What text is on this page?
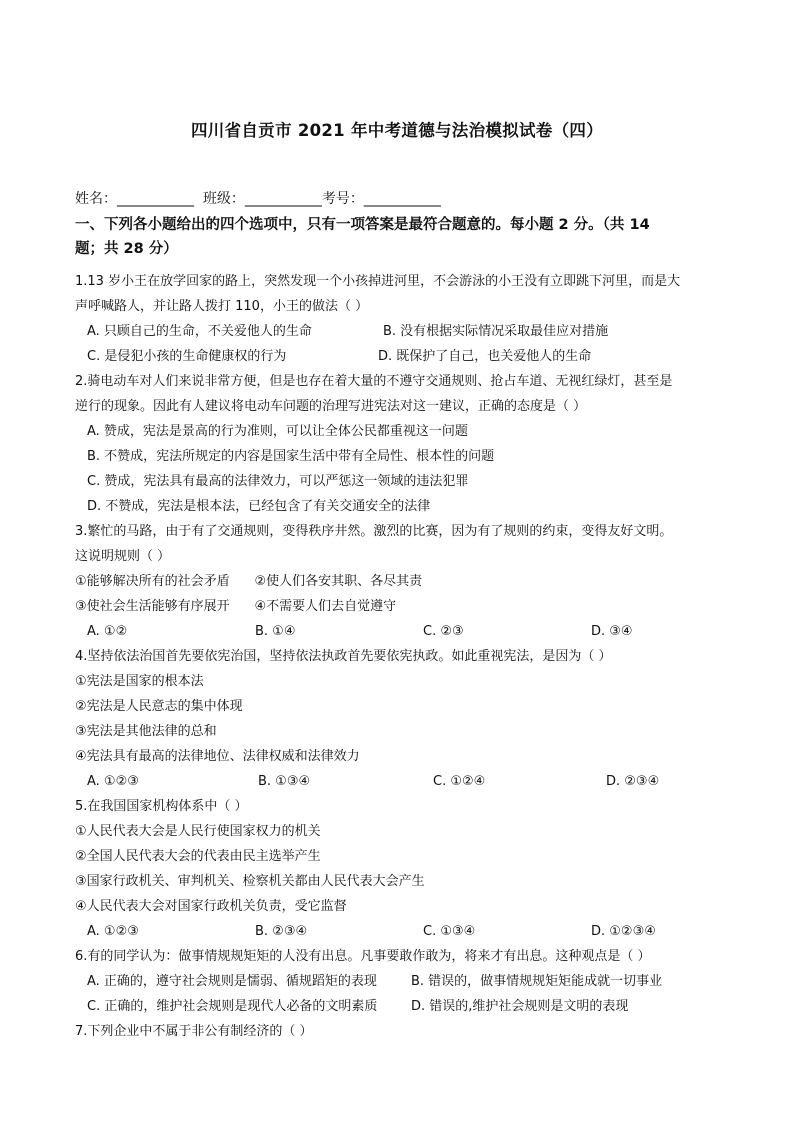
四川省自贡市 2021 年中考道德与法治模拟试卷（四）
姓名：___________  班级：___________考号：___________
一、下列各小题给出的四个选项中，只有一项答案是最符合题意的。每小题 2 分。（共 14
题；共 28 分）
1.13 岁小王在放学回家的路上，突然发现一个小孩掉进河里，不会游泳的小王没有立即跳下河里，而是大
声呼喊路人，并让路人拨打 110，小王的做法（ ）
A. 只顾自己的生命，不关爱他人的生命	B. 没有根据实际情况采取最佳应对措施
C. 是侵犯小孩的生命健康权的行为	D. 既保护了自己，也关爱他人的生命
2.骑电动车对人们来说非常方便，但是也存在着大量的不遵守交通规则、抢占车道、无视红绿灯，甚至是
逆行的现象。因此有人建议将电动车问题的治理写进宪法对这一建议，正确的态度是（ ）
A. 赞成，宪法是景高的行为准则，可以让全体公民都重视这一问题
B. 不赞成，宪法所规定的内容是国家生活中带有全局性、根本性的问题
C. 赞成，宪法具有最高的法律效力，可以严惩这一领域的违法犯罪
D. 不赞成，宪法是根本法，已经包含了有关交通安全的法律
3.繁忙的马路，由于有了交通规则，变得秩序井然。激烈的比赛，因为有了规则的约束，变得友好文明。
这说明规则（ ）
①能够解决所有的社会矛盾      ②使人们各安其职、各尽其责
③使社会生活能够有序展开      ④不需要人们去自觉遵守
A. ①②	B. ①④	C. ②③	D. ③④
4.坚持依法治国首先要依宪治国，坚持依法执政首先要依宪执政。如此重视宪法，是因为（ ）
①宪法是国家的根本法
②宪法是人民意志的集中体现
③宪法是其他法律的总和
④宪法具有最高的法律地位、法律权威和法律效力
A. ①②③	B. ①③④	C. ①②④	D. ②③④
5.在我国国家机构体系中（ ）
①人民代表大会是人民行使国家权力的机关
②全国人民代表大会的代表由民主选举产生
③国家行政机关、审判机关、检察机关都由人民代表大会产生
④人民代表大会对国家行政机关负责，受它监督
A. ①②③	B. ②③④	C. ①③④	D. ①②③④
6.有的同学认为：做事情规规矩矩的人没有出息。凡事要敢作敢为，将来才有出息。这种观点是（ ）
A. 正确的，遵守社会规则是懦弱、循规蹈矩的表现	B. 错误的，做事情规规矩矩能成就一切事业
C. 正确的，维护社会规则是现代人必备的文明素质	D. 错误的,维护社会规则是文明的表现
7.下列企业中不属于非公有制经济的（ ）
